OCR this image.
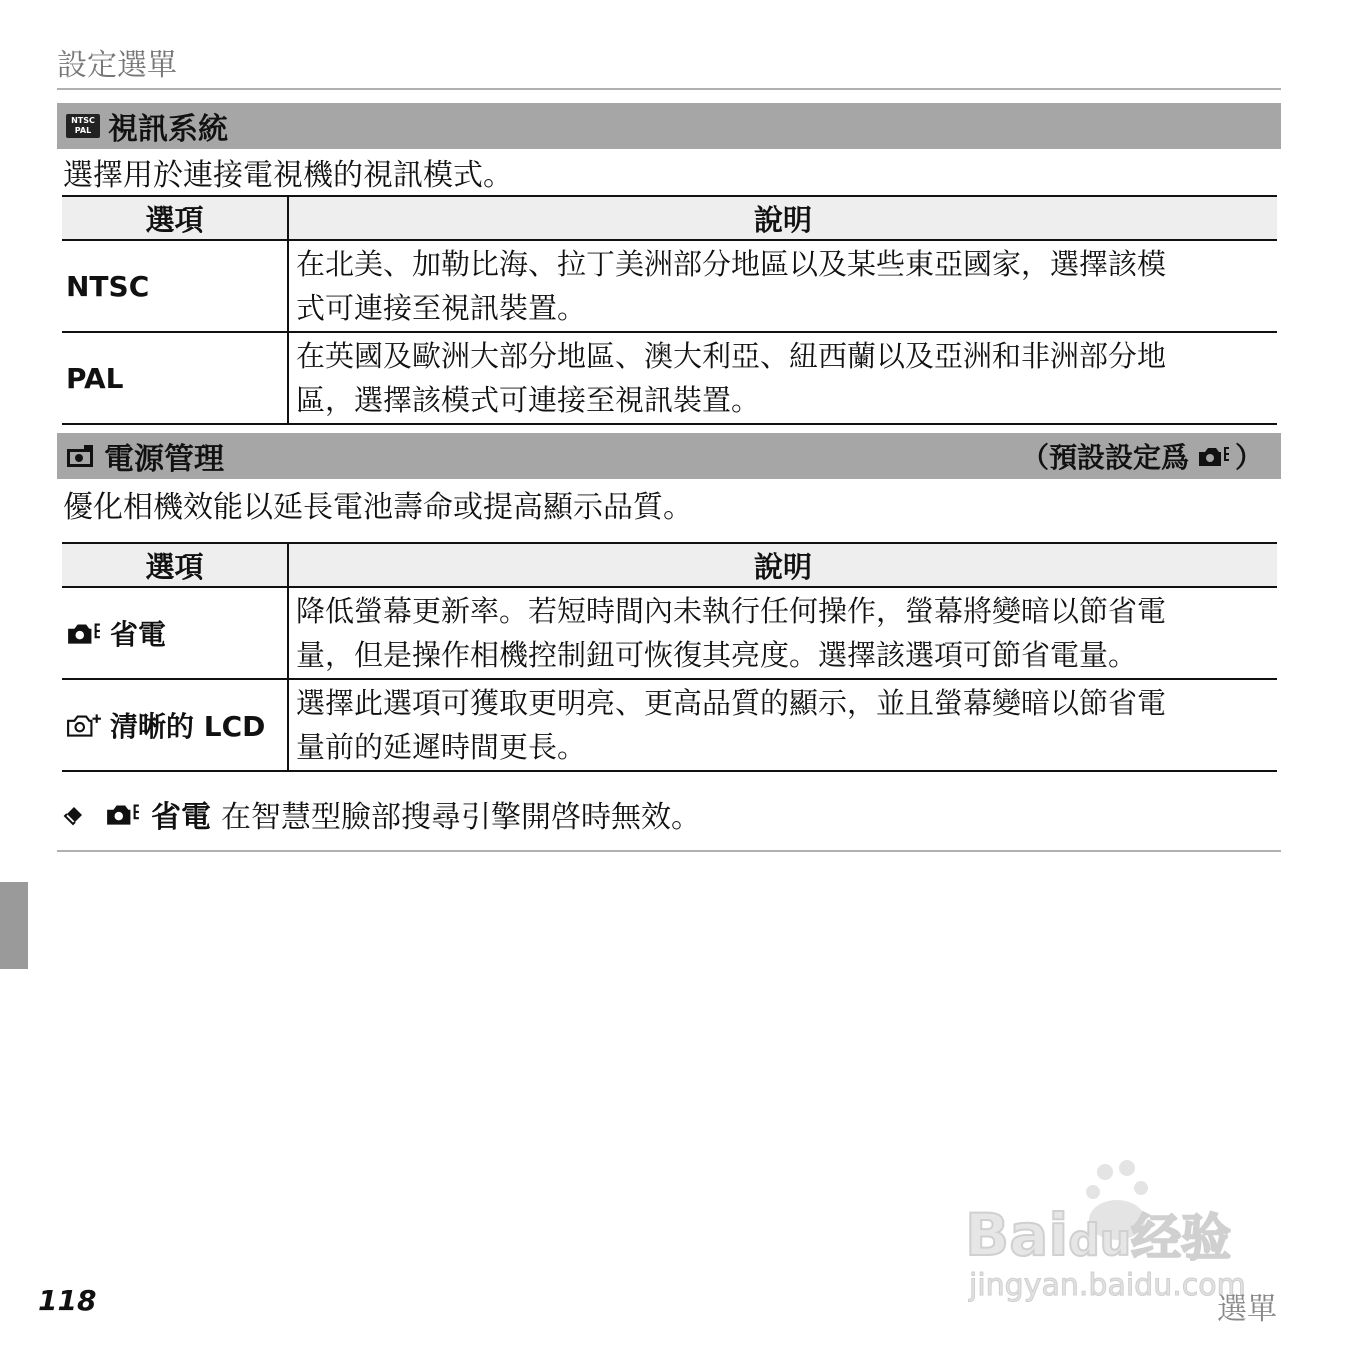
設定選單
NTSC
PAL 視訊系統
選擇用於連接電視機的視訊模式。
選項	說明
NTSC	在北美、加勒比海、拉丁美洲部分地區以及某些東亞國家，選擇該模
式可連接至視訊裝置。

PAL	在英國及歐洲大部分地區、澳大利亞、紐西蘭以及亞洲和非洲部分地
區，選擇該模式可連接至視訊裝置。
電源管理	（預設設定爲 ）
優化相機效能以延長電池壽命或提高顯示品質。
選項	說明

省電	降低螢幕更新率。若短時間內未執行任何操作，螢幕將變暗以節省電
量，但是操作相機控制鈕可恢復其亮度。選擇該選項可節省電量。

清晰的 LCD	選擇此選項可獲取更明亮、更高品質的顯示，並且螢幕變暗以節省電
量前的延遲時間更長。
省電 在智慧型臉部搜尋引擎開啓時無效。
Baidu经验
jingyan.baidu.com
118	選單
